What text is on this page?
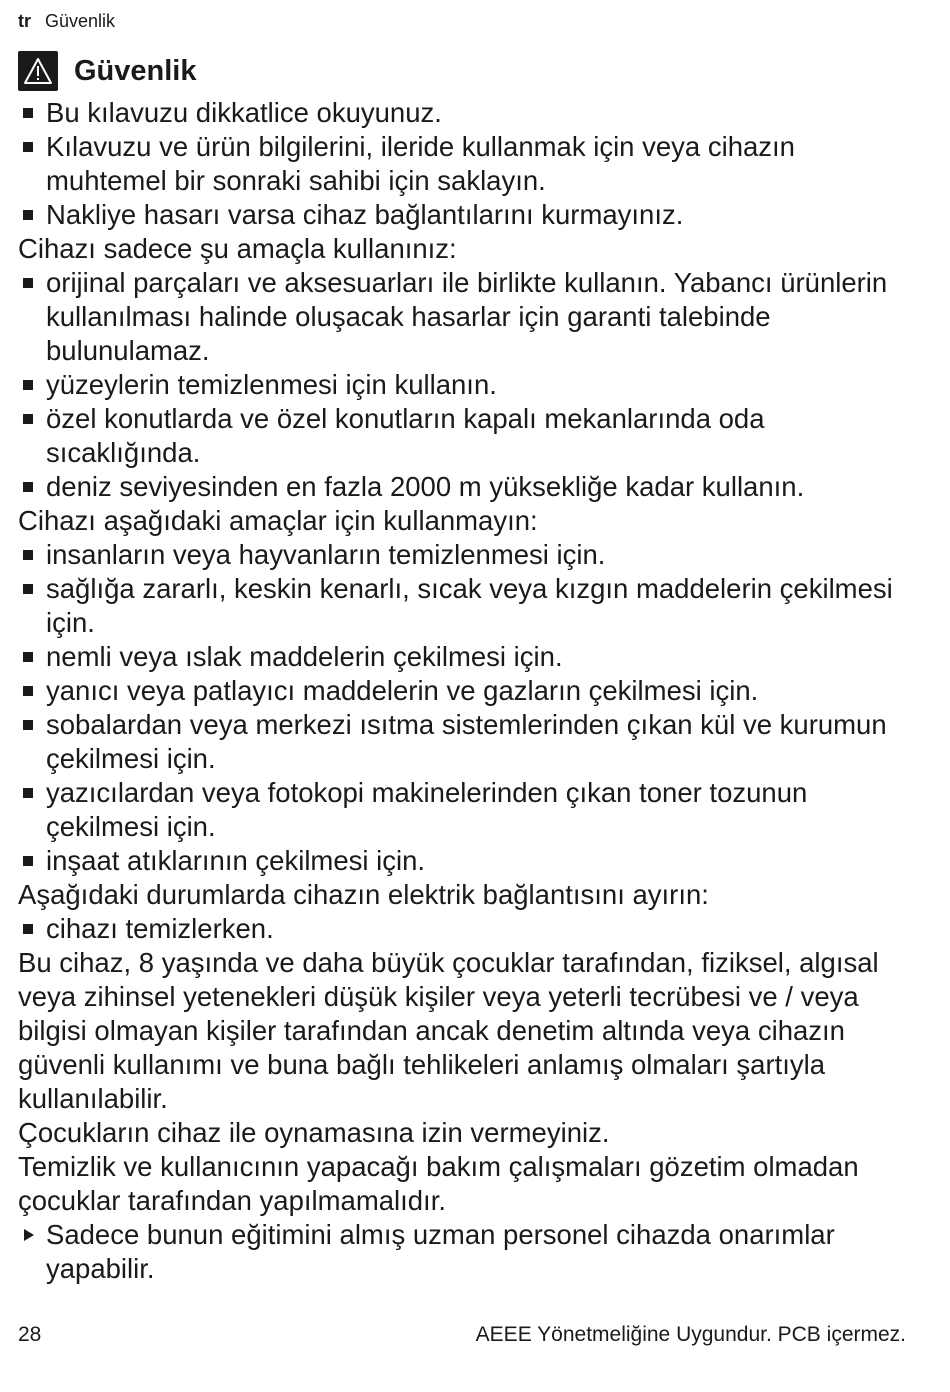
tr Güvenlik
Güvenlik
Bu kılavuzu dikkatlice okuyunuz.
Kılavuzu ve ürün bilgilerini, ileride kullanmak için veya cihazın muhtemel bir sonraki sahibi için saklayın.
Nakliye hasarı varsa cihaz bağlantılarını kurmayınız.
Cihazı sadece şu amaçla kullanınız:
orijinal parçaları ve aksesuarları ile birlikte kullanın. Yabancı ürünlerin kullanılması halinde oluşacak hasarlar için garanti talebinde bulunulamaz.
yüzeylerin temizlenmesi için kullanın.
özel konutlarda ve özel konutların kapalı mekanlarında oda sıcaklığında.
deniz seviyesinden en fazla 2000 m yüksekliğe kadar kullanın.
Cihazı aşağıdaki amaçlar için kullanmayın:
insanların veya hayvanların temizlenmesi için.
sağlığa zararlı, keskin kenarlı, sıcak veya kızgın maddelerin çekilmesi için.
nemli veya ıslak maddelerin çekilmesi için.
yanıcı veya patlayıcı maddelerin ve gazların çekilmesi için.
sobalardan veya merkezi ısıtma sistemlerinden çıkan kül ve kurumun çekilmesi için.
yazıcılardan veya fotokopi makinelerinden çıkan toner tozunun çekilmesi için.
inşaat atıklarının çekilmesi için.
Aşağıdaki durumlarda cihazın elektrik bağlantısını ayırın:
cihazı temizlerken.
Bu cihaz, 8 yaşında ve daha büyük çocuklar tarafından, fiziksel, algısal veya zihinsel yetenekleri düşük kişiler veya yeterli tecrübesi ve / veya bilgisi olmayan kişiler tarafından ancak denetim altında veya cihazın güvenli kullanımı ve buna bağlı tehlikeleri anlamış olmaları şartıyla kullanılabilir.
Çocukların cihaz ile oynamasına izin vermeyiniz.
Temizlik ve kullanıcının yapacağı bakım çalışmaları gözetim olmadan çocuklar tarafından yapılmamalıdır.
Sadece bunun eğitimini almış uzman personel cihazda onarımlar yapabilir.
28	AEEE Yönetmeliğine Uygundur. PCB içermez.
